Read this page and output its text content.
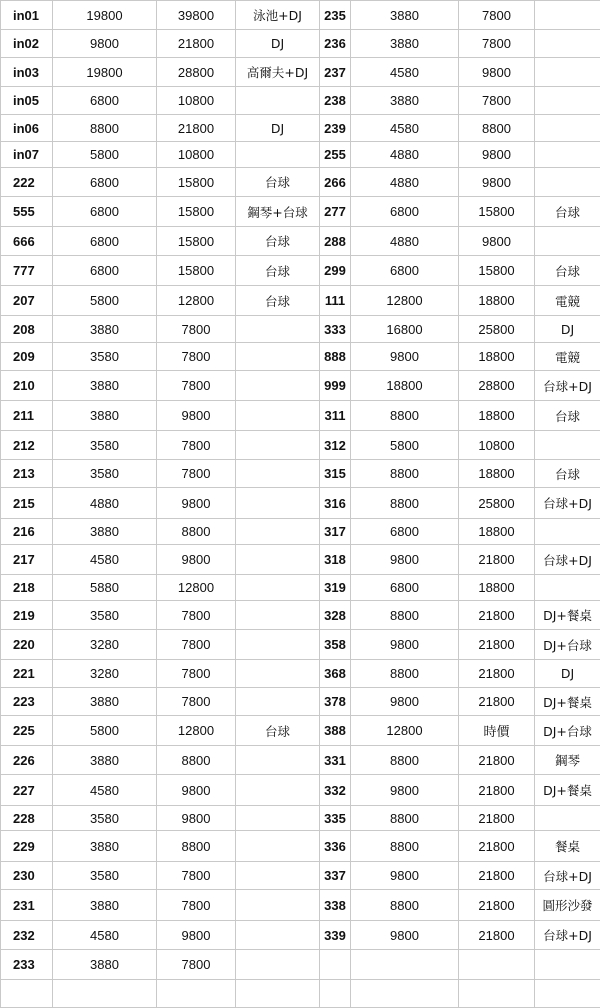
in01	19800	39800	泳池+DJ	235	3880	7800	
in02	9800	21800	DJ	236	3880	7800	
in03	19800	28800	高爾夫+DJ	237	4580	9800	
in05	6800	10800		238	3880	7800	
in06	8800	21800	DJ	239	4580	8800	
in07	5800	10800		255	4880	9800	
222	6800	15800	台球	266	4880	9800	
555	6800	15800	鋼琴+台球	277	6800	15800	台球
666	6800	15800	台球	288	4880	9800	
777	6800	15800	台球	299	6800	15800	台球
207	5800	12800	台球	111	12800	18800	電競
208	3880	7800		333	16800	25800	DJ
209	3580	7800		888	9800	18800	電競
210	3880	7800		999	18800	28800	台球+DJ
211	3880	9800		311	8800	18800	台球
212	3580	7800		312	5800	10800	
213	3580	7800		315	8800	18800	台球
215	4880	9800		316	8800	25800	台球+DJ
216	3880	8800		317	6800	18800	
217	4580	9800		318	9800	21800	台球+DJ
218	5880	12800		319	6800	18800	
219	3580	7800		328	8800	21800	DJ+餐桌
220	3280	7800		358	9800	21800	DJ+台球
221	3280	7800		368	8800	21800	DJ
223	3880	7800		378	9800	21800	DJ+餐桌
225	5800	12800	台球	388	12800	時價	DJ+台球
226	3880	8800		331	8800	21800	鋼琴
227	4580	9800		332	9800	21800	DJ+餐桌
228	3580	9800		335	8800	21800	
229	3880	8800		336	8800	21800	餐桌
230	3580	7800		337	9800	21800	台球+DJ
231	3880	7800		338	8800	21800	圓形沙發
232	4580	9800		339	9800	21800	台球+DJ
233	3880	7800					
